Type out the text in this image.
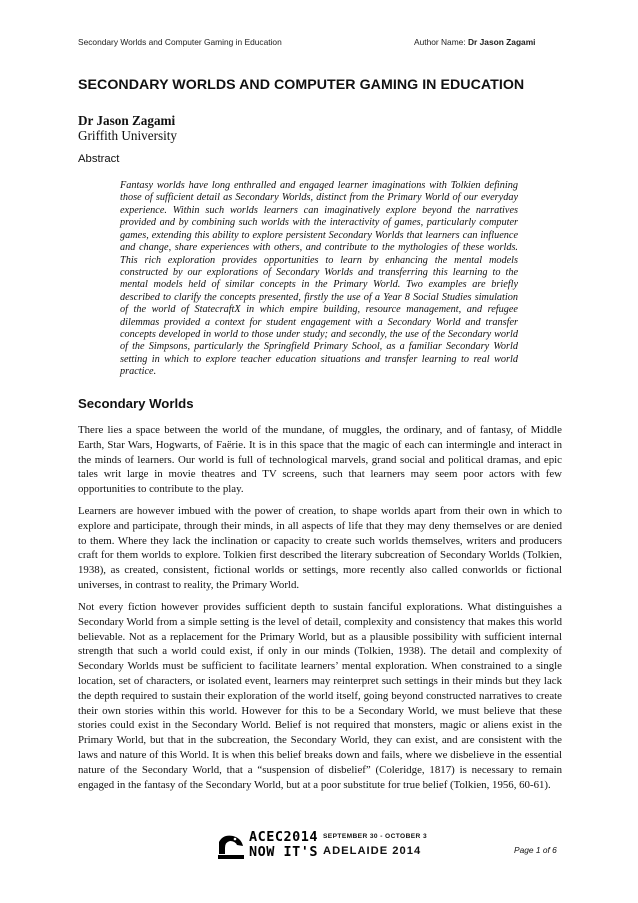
Secondary Worlds and Computer Gaming in Education	Author Name: Dr Jason Zagami
SECONDARY WORLDS AND COMPUTER GAMING IN EDUCATION
Dr Jason Zagami
Griffith University
Abstract

Fantasy worlds have long enthralled and engaged learner imaginations with Tolkien defining those of sufficient detail as Secondary Worlds, distinct from the Primary World of our everyday experience. Within such worlds learners can imaginatively explore beyond the narratives provided and by combining such worlds with the interactivity of games, particularly computer games, extending this ability to explore persistent Secondary Worlds that learners can influence and change, share experiences with others, and contribute to the mythologies of these worlds. This rich exploration provides opportunities to learn by enhancing the mental models constructed by our explorations of Secondary Worlds and transferring this learning to the mental models held of similar concepts in the Primary World. Two examples are briefly described to clarify the concepts presented, firstly the use of a Year 8 Social Studies simulation of the world of StatecraftX in which empire building, resource management, and refugee dilemmas provided a context for student engagement with a Secondary World and transfer concepts developed in world to those under study; and secondly, the use of the Secondary world of the Simpsons, particularly the Springfield Primary School, as a familiar Secondary World setting in which to explore teacher education situations and transfer learning to real world practice.

Secondary Worlds

There lies a space between the world of the mundane, of muggles, the ordinary, and of fantasy, of Middle Earth, Star Wars, Hogwarts, of Faërie. It is in this space that the magic of each can intermingle and interact in the minds of learners. Our world is full of technological marvels, grand social and political dramas, and epic tales writ large in movie theatres and TV screens, such that learners may seem poor actors with few opportunities to contribute to the play.

Learners are however imbued with the power of creation, to shape worlds apart from their own in which to explore and participate, through their minds, in all aspects of life that they may deny themselves or are denied to them. Where they lack the inclination or capacity to create such worlds themselves, writers and producers craft for them worlds to explore. Tolkien first described the literary subcreation of Secondary Worlds (Tolkien, 1938), as created, consistent, fictional worlds or settings, more recently also called conworlds or fictional universes, in contrast to reality, the Primary World.

Not every fiction however provides sufficient depth to sustain fanciful explorations. What distinguishes a Secondary World from a simple setting is the level of detail, complexity and consistency that makes this world believable. Not as a replacement for the Primary World, but as a plausible possibility with sufficient internal strength that such a world could exist, if only in our minds (Tolkien, 1938). The detail and complexity of Secondary Worlds must be sufficient to facilitate learners’ mental exploration. When constrained to a single location, set of characters, or isolated event, learners may reinterpret such settings in their minds but they lack the depth required to sustain their exploration of the world itself, going beyond constructed narratives to create their own stories within this world. However for this to be a Secondary World, we must believe that these stories could exist in the Secondary World. Belief is not required that monsters, magic or aliens exist in the Primary World, but that in the subcreation, the Secondary World, they can exist, and are consistent with the laws and nature of this World. It is when this belief breaks down and fails, where we disbelieve in the essential nature of the Secondary World, that a “suspension of disbelief” (Coleridge, 1817) is necessary to remain engaged in the fantasy of the Secondary World, but at a poor substitute for true belief (Tolkien, 1956, 60-61).

ACEC2014
NOW IT'S
SEPTEMBER 30 - OCTOBER 3
ADELAIDE 2014	Page 1 of 6
